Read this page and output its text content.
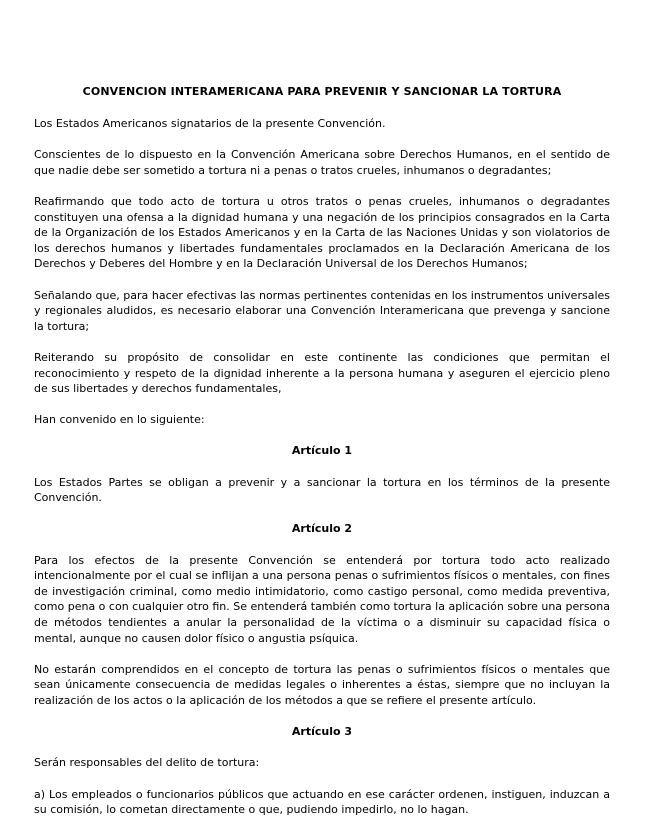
CONVENCION INTERAMERICANA PARA PREVENIR Y SANCIONAR LA TORTURA

Los Estados Americanos signatarios de la presente Convención.

Conscientes de lo dispuesto en la Convención Americana sobre Derechos Humanos, en el sentido de que nadie debe ser sometido a tortura ni a penas o tratos crueles, inhumanos o degradantes;

Reafirmando que todo acto de tortura u otros tratos o penas crueles, inhumanos o degradantes constituyen una ofensa a la dignidad humana y una negación de los principios consagrados en la Carta de la Organización de los Estados Americanos y en la Carta de las Naciones Unidas y son violatorios de los derechos humanos y libertades fundamentales proclamados en la Declaración Americana de los Derechos y Deberes del Hombre y en la Declaración Universal de los Derechos Humanos;

Señalando que, para hacer efectivas las normas pertinentes contenidas en los instrumentos universales y regionales aludidos, es necesario elaborar una Convención Interamericana que prevenga y sancione la tortura;

Reiterando su propósito de consolidar en este continente las condiciones que permitan el reconocimiento y respeto de la dignidad inherente a la persona humana y aseguren el ejercicio pleno de sus libertades y derechos fundamentales,

Han convenido en lo siguiente:

Artículo 1

Los Estados Partes se obligan a prevenir y a sancionar la tortura en los términos de la presente Convención.

Artículo 2

Para los efectos de la presente Convención se entenderá por tortura todo acto realizado intencionalmente por el cual se inflijan a una persona penas o sufrimientos físicos o mentales, con fines de investigación criminal, como medio intimidatorio, como castigo personal, como medida preventiva, como pena o con cualquier otro fin. Se entenderá también como tortura la aplicación sobre una persona de métodos tendientes a anular la personalidad de la víctima o a disminuir su capacidad física o mental, aunque no causen dolor físico o angustia psíquica.

No estarán comprendidos en el concepto de tortura las penas o sufrimientos físicos o mentales que sean únicamente consecuencia de medidas legales o inherentes a éstas, siempre que no incluyan la realización de los actos o la aplicación de los métodos a que se refiere el presente artículo.

Artículo 3

Serán responsables del delito de tortura:

a) Los empleados o funcionarios públicos que actuando en ese carácter ordenen, instiguen, induzcan a su comisión, lo cometan directamente o que, pudiendo impedirlo, no lo hagan.
